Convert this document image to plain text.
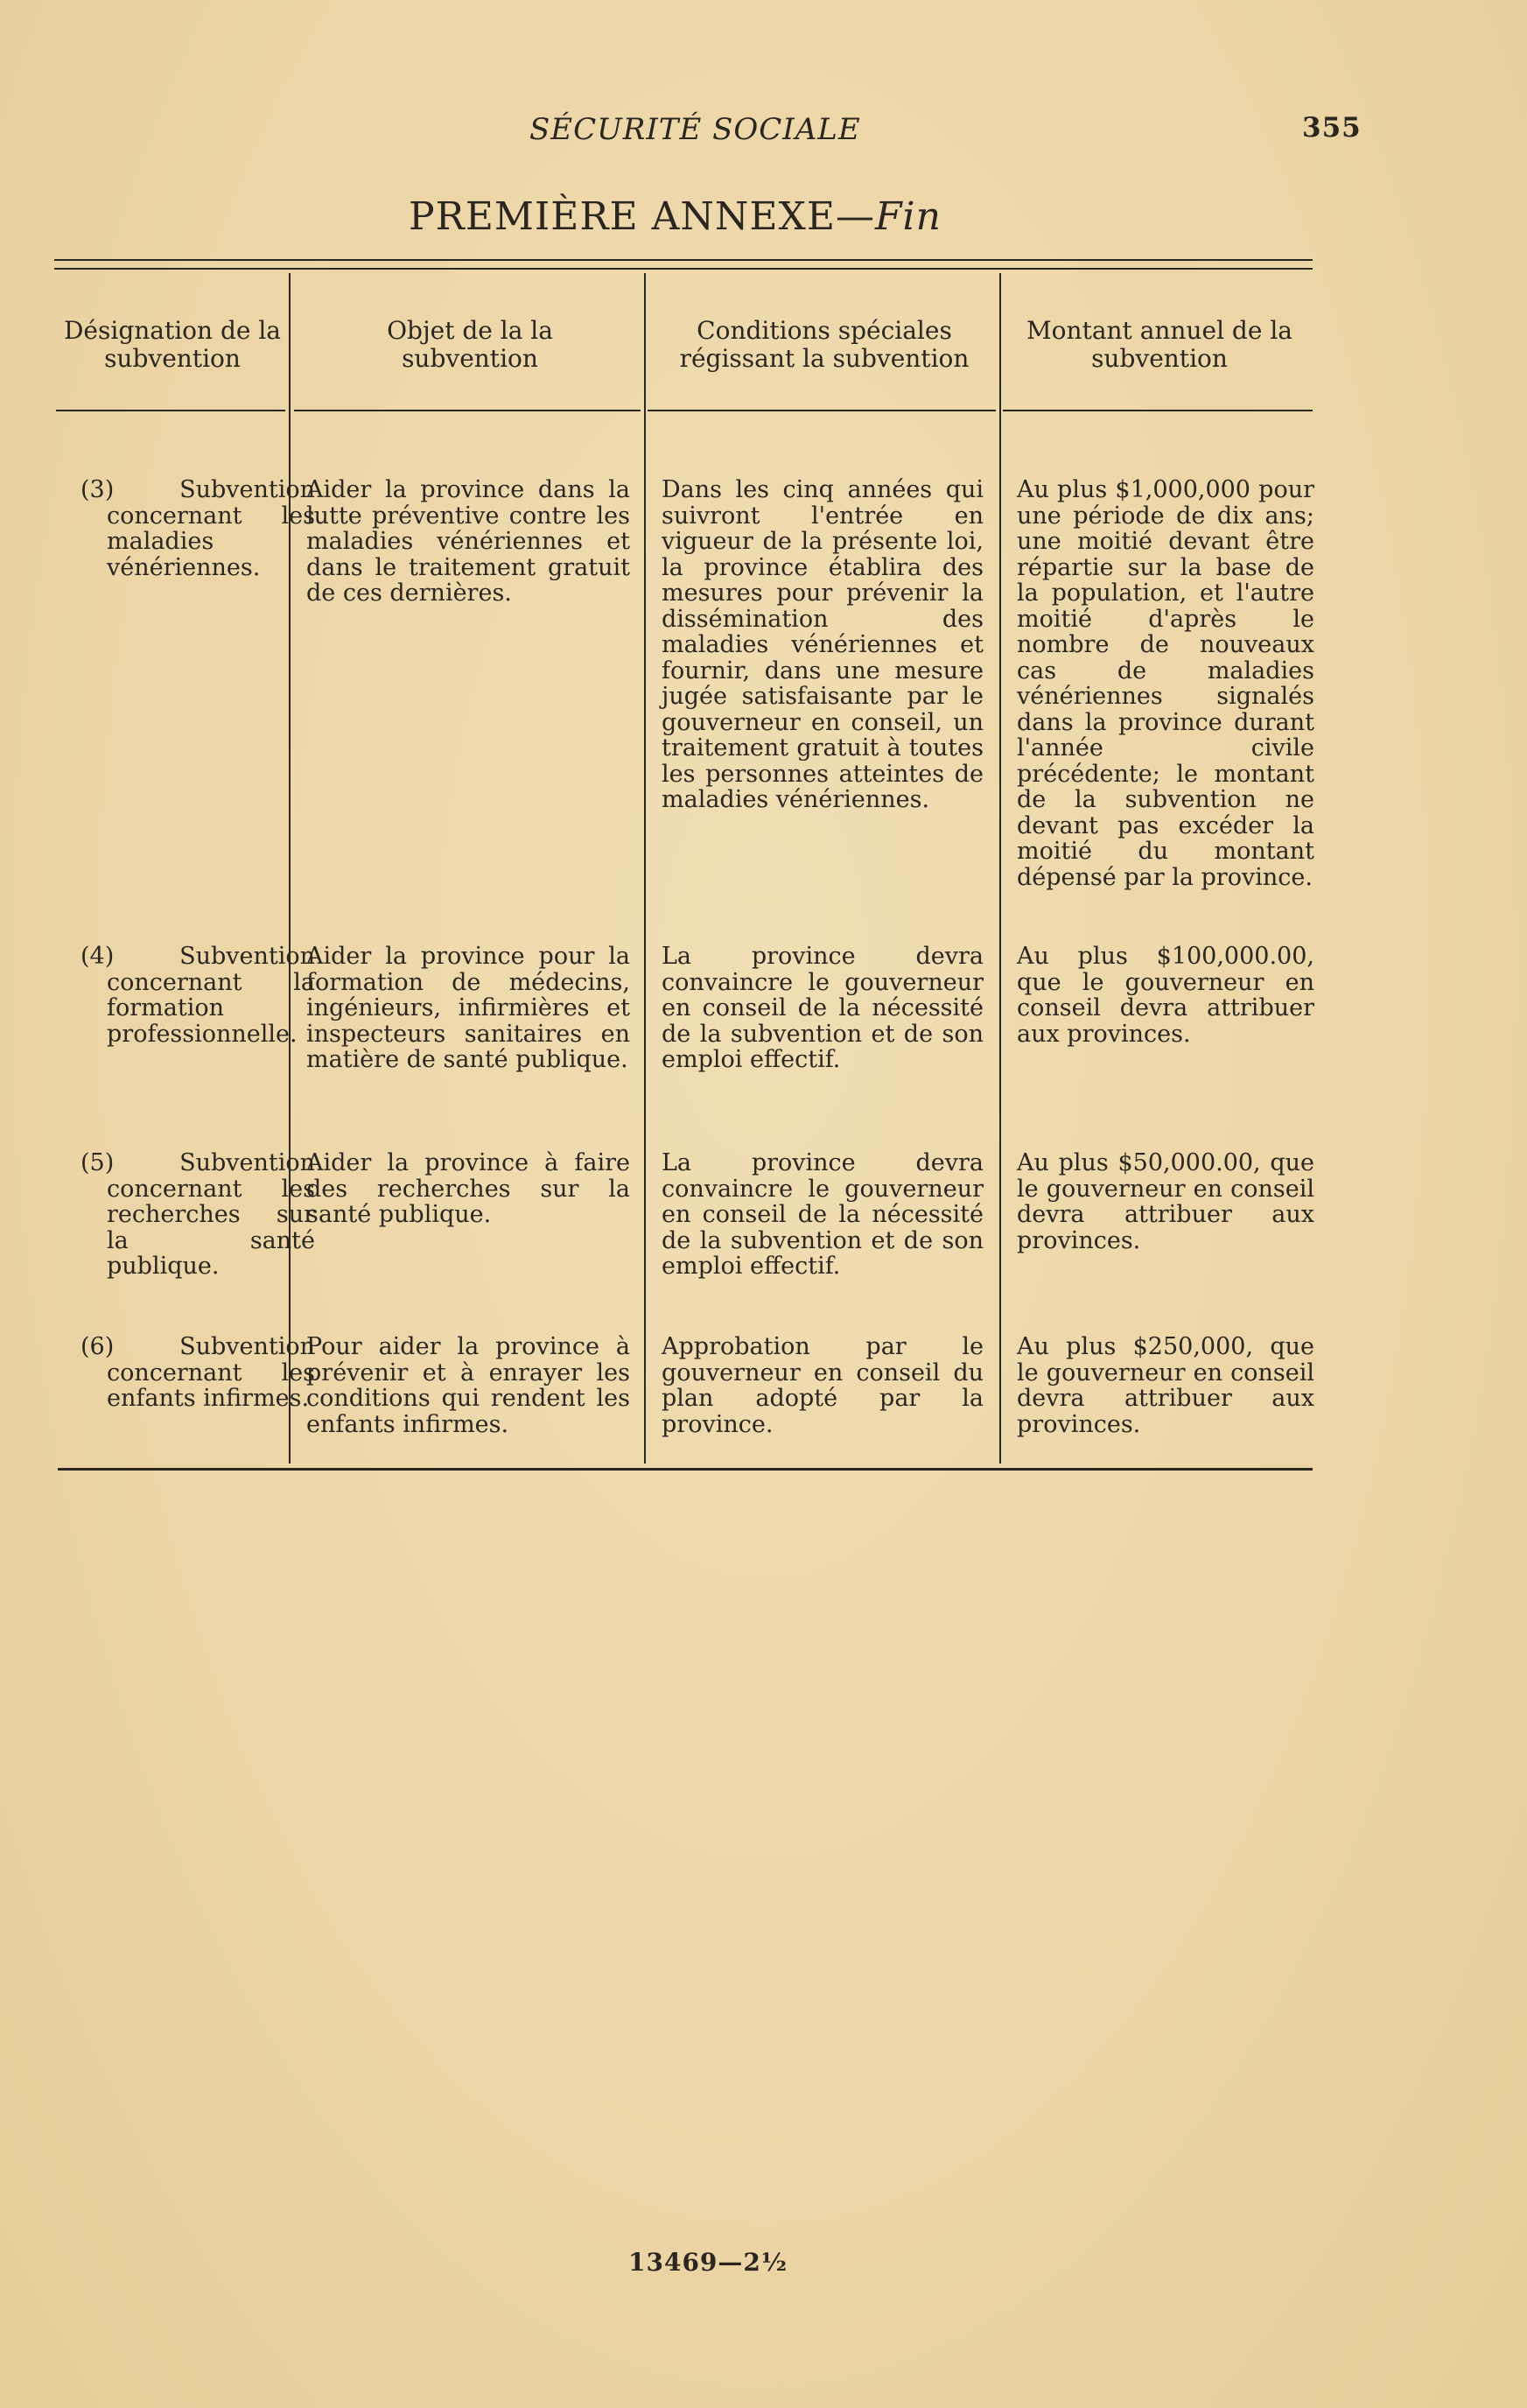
SÉCURITÉ SOCIALE	355
PREMIÈRE ANNEXE—Fin
Désignation de la subvention
Objet de la la subvention
Conditions spéciales régissant la subvention
Montant annuel de la subvention
(3) Subvention concernant les maladies vénériennes.
Aider la province dans la lutte préventive contre les maladies vénériennes et dans le traitement gratuit de ces dernières.
Dans les cinq années qui suivront l'entrée en vigueur de la présente loi, la province établira des mesures pour prévenir la dissémination des maladies vénériennes et fournir, dans une mesure jugée satisfaisante par le gouverneur en conseil, un traitement gratuit à toutes les personnes atteintes de maladies vénériennes.
Au plus $1,000,000 pour une période de dix ans; une moitié devant être répartie sur la base de la population, et l'autre moitié d'après le nombre de nouveaux cas de maladies vénériennes signalés dans la province durant l'année civile précédente; le montant de la subvention ne devant pas excéder la moitié du montant dépensé par la province.
(4) Subvention concernant la formation professionnelle.
Aider la province pour la formation de médecins, ingénieurs, infirmières et inspecteurs sanitaires en matière de santé publique.
La province devra convaincre le gouverneur en conseil de la nécessité de la subvention et de son emploi effectif.
Au plus $100,000.00, que le gouverneur en conseil devra attribuer aux provinces.
(5) Subvention concernant les recherches sur la santé publique.
Aider la province à faire des recherches sur la santé publique.
La province devra convaincre le gouverneur en conseil de la nécessité de la subvention et de son emploi effectif.
Au plus $50,000.00, que le gouverneur en conseil devra attribuer aux provinces.
(6) Subvention concernant les enfants infirmes.
Pour aider la province à prévenir et à enrayer les conditions qui rendent les enfants infirmes.
Approbation par le gouverneur en conseil du plan adopté par la province.
Au plus $250,000, que le gouverneur en conseil devra attribuer aux provinces.
13469—2½
